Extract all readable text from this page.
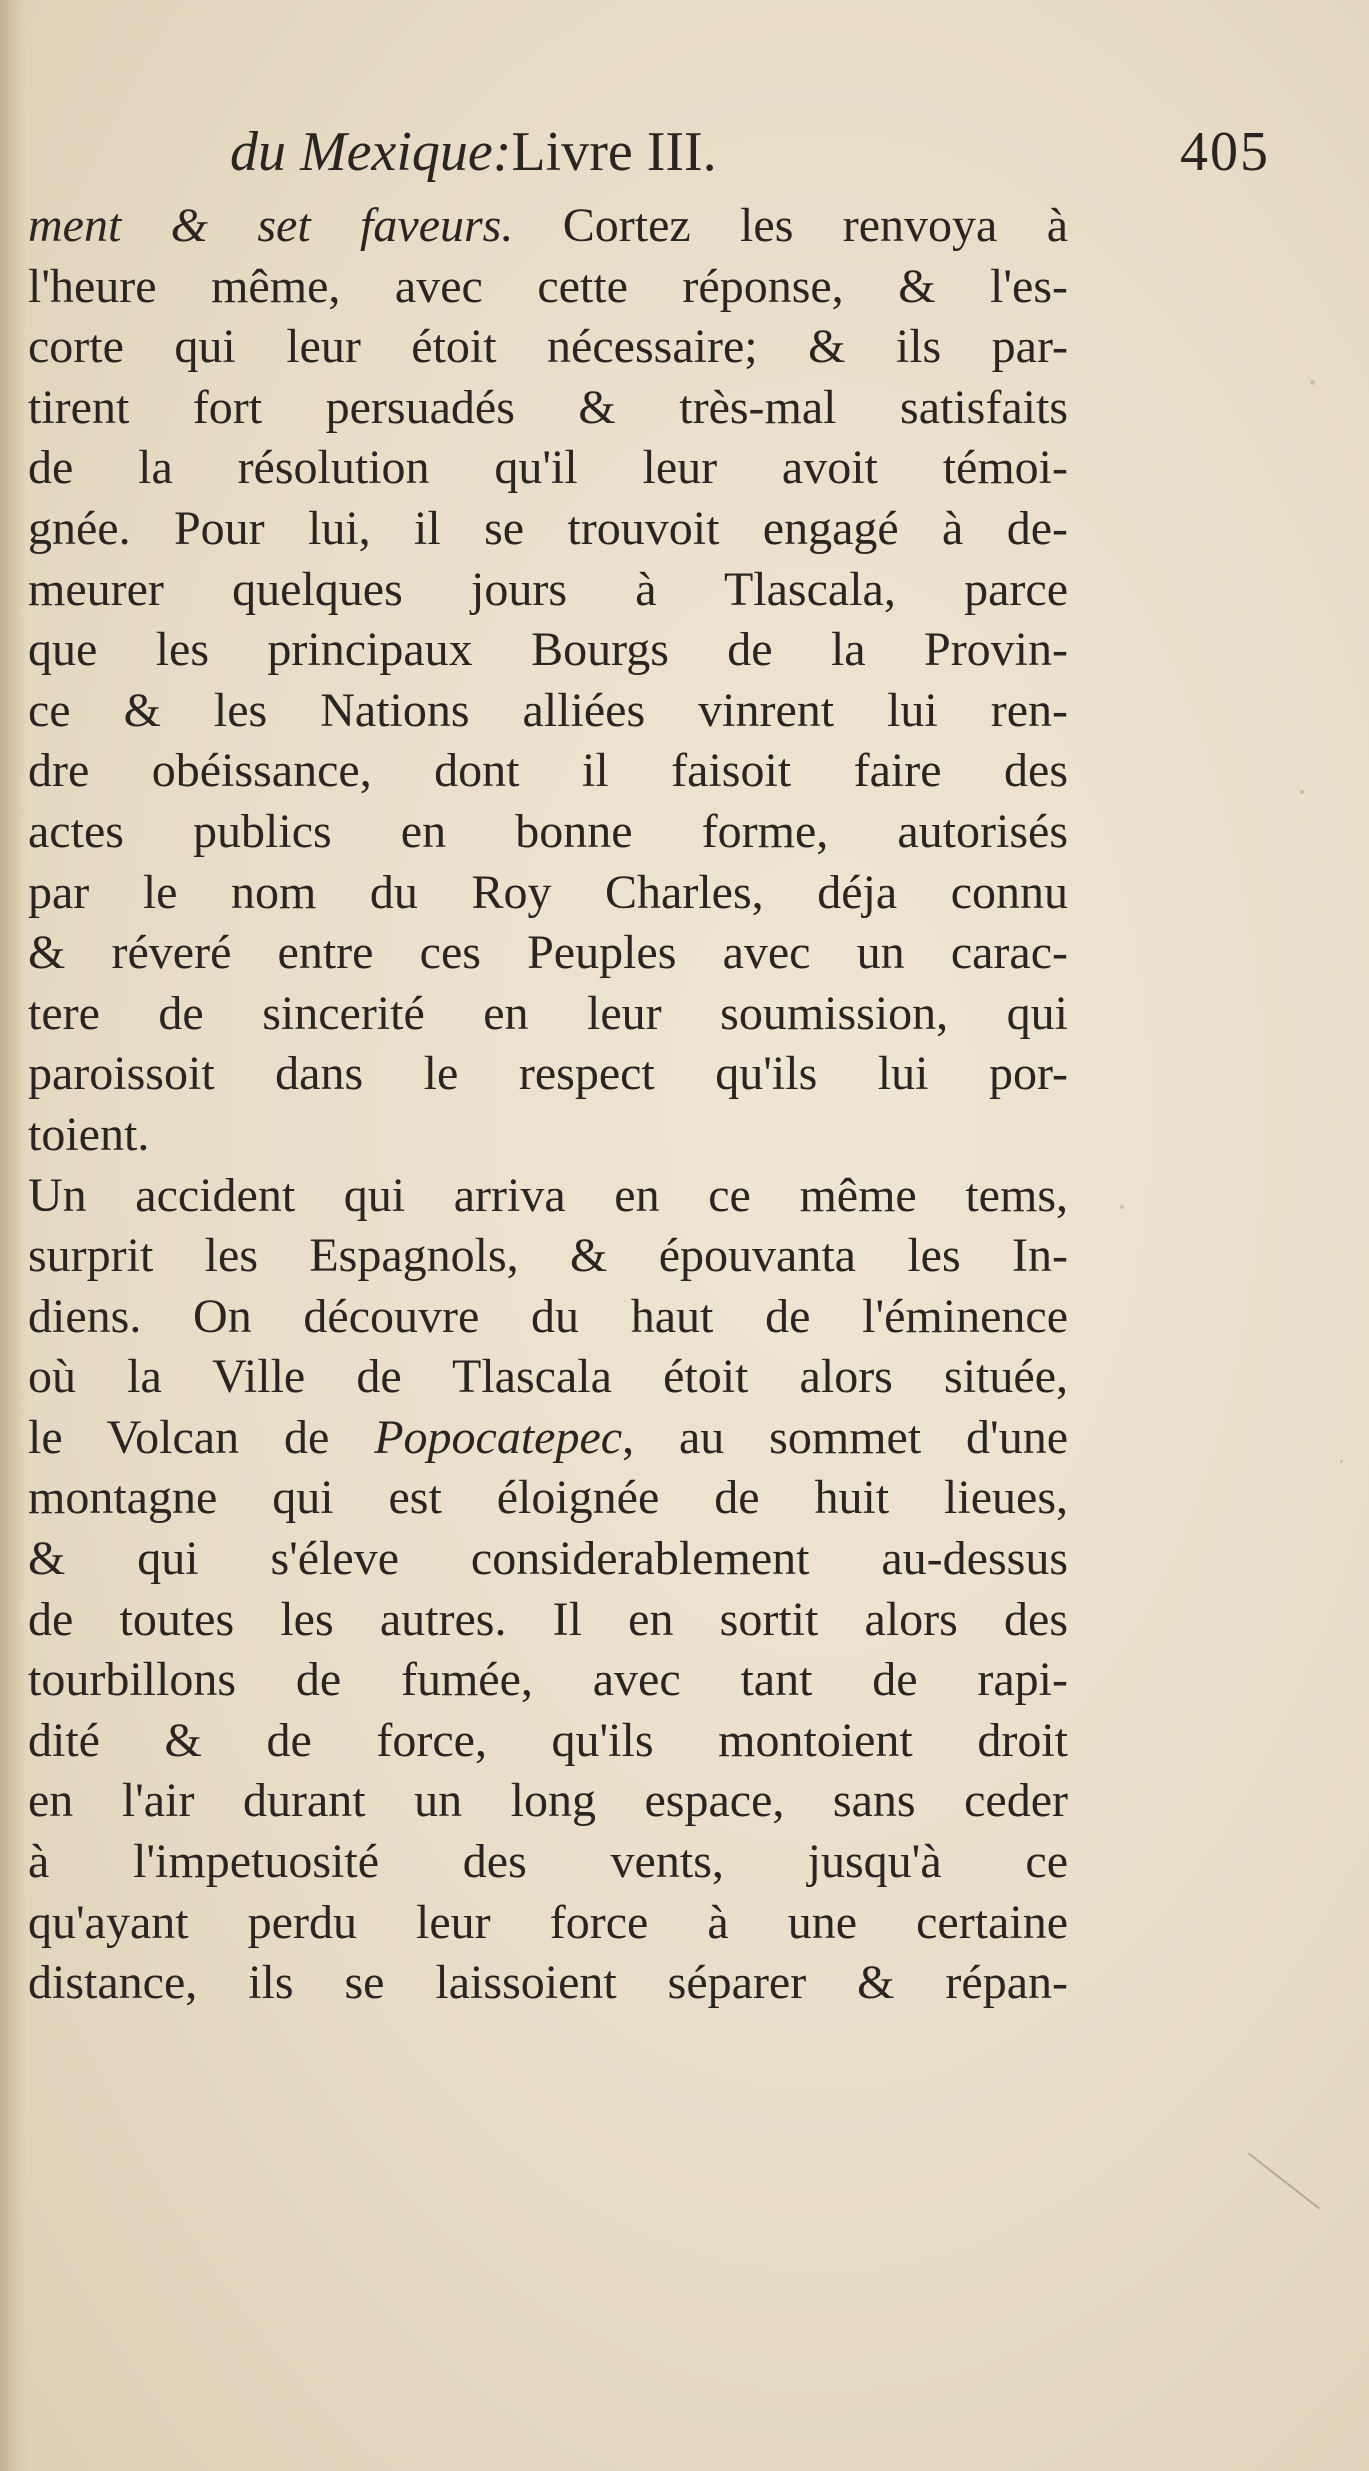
du Mexique:Livre III.	405
ment & set faveurs. Cortez les renvoya à
l'heure même, avec cette réponse, & l'es-
corte qui leur étoit nécessaire; & ils par-
tirent fort persuadés & très-mal satisfaits
de la résolution qu'il leur avoit témoi-
gnée. Pour lui, il se trouvoit engagé à de-
meurer quelques jours à Tlascala, parce
que les principaux Bourgs de la Provin-
ce & les Nations alliées vinrent lui ren-
dre obéissance, dont il faisoit faire des
actes publics en bonne forme, autorisés
par le nom du Roy Charles, déja connu
& réveré entre ces Peuples avec un carac-
tere de sincerité en leur soumission, qui
paroissoit dans le respect qu'ils lui por-
toient.
Un accident qui arriva en ce même tems,
surprit les Espagnols, & épouvanta les In-
diens. On découvre du haut de l'éminence
où la Ville de Tlascala étoit alors située,
le Volcan de Popocatepec, au sommet d'une
montagne qui est éloignée de huit lieues,
& qui s'éleve considerablement au-dessus
de toutes les autres. Il en sortit alors des
tourbillons de fumée, avec tant de rapi-
dité & de force, qu'ils montoient droit
en l'air durant un long espace, sans ceder
à l'impetuosité des vents, jusqu'à ce
qu'ayant perdu leur force à une certaine
distance, ils se laissoient séparer & répan-
